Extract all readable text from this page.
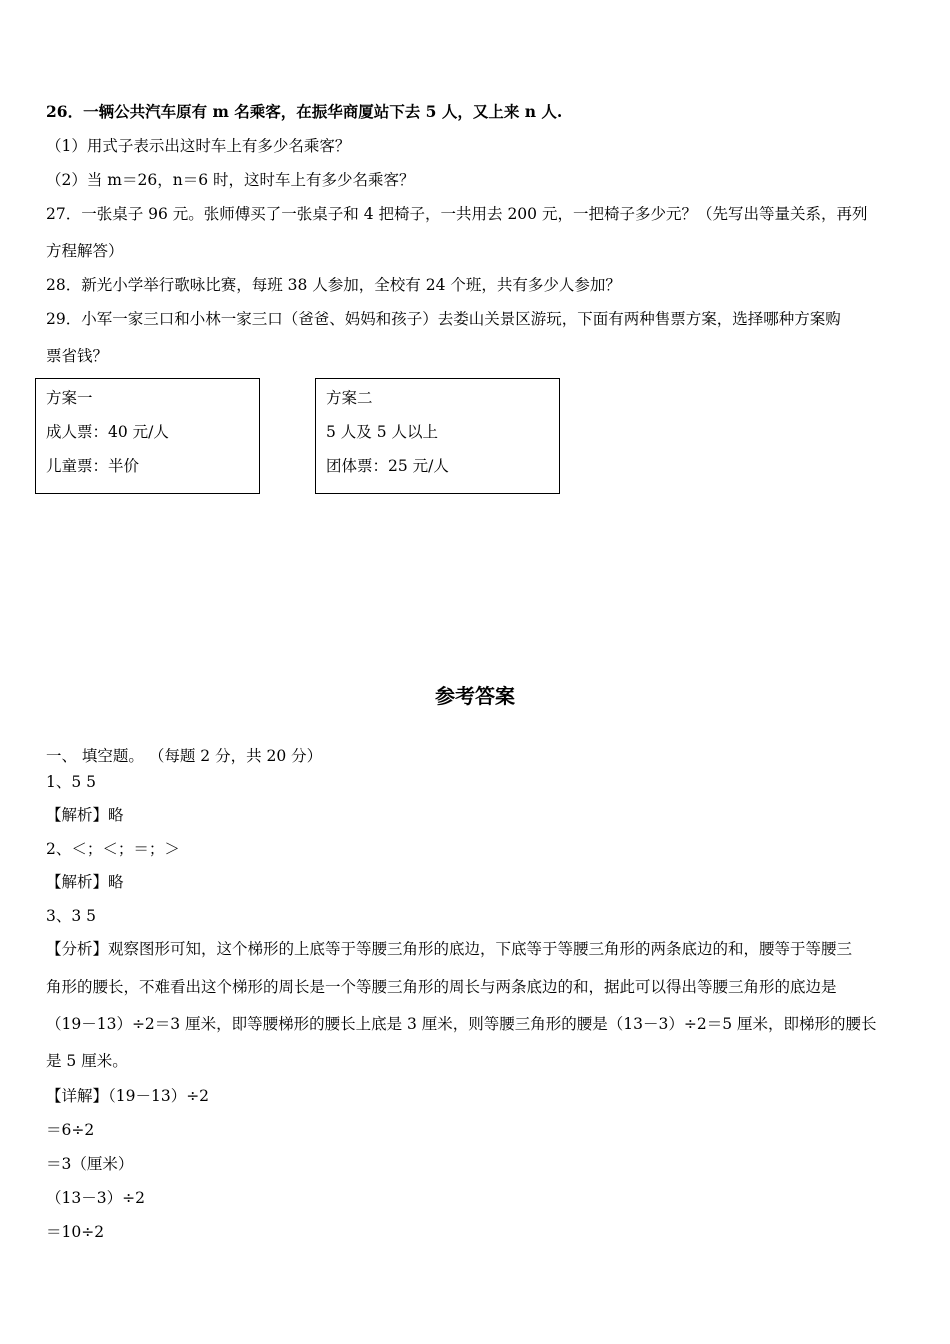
26．一辆公共汽车原有 m 名乘客，在振华商厦站下去 5 人，又上来 n 人.
（1）用式子表示出这时车上有多少名乘客？
（2）当 m＝26，n＝6 时，这时车上有多少名乘客？
27．一张桌子 96 元。张师傅买了一张桌子和 4 把椅子，一共用去 200 元，一把椅子多少元？（先写出等量关系，再列
方程解答）
28．新光小学举行歌咏比赛，每班 38 人参加，全校有 24 个班，共有多少人参加？
29．小军一家三口和小林一家三口（爸爸、妈妈和孩子）去娄山关景区游玩，下面有两种售票方案，选择哪种方案购
票省钱？
方案一
成人票：40 元/人
儿童票：半价
方案二
5 人及 5 人以上
团体票：25 元/人
参考答案
一、 填空题。 （每题 2 分，共 20 分）
1、5 5
【解析】略
2、＜；＜；＝；＞
【解析】略
3、3 5
【分析】观察图形可知，这个梯形的上底等于等腰三角形的底边，下底等于等腰三角形的两条底边的和，腰等于等腰三
角形的腰长，不难看出这个梯形的周长是一个等腰三角形的周长与两条底边的和，据此可以得出等腰三角形的底边是
（19－13）÷2＝3 厘米，即等腰梯形的腰长上底是 3 厘米，则等腰三角形的腰是（13－3）÷2＝5 厘米，即梯形的腰长
是 5 厘米。
【详解】（19－13）÷2
＝6÷2
＝3（厘米）
（13－3）÷2
＝10÷2
